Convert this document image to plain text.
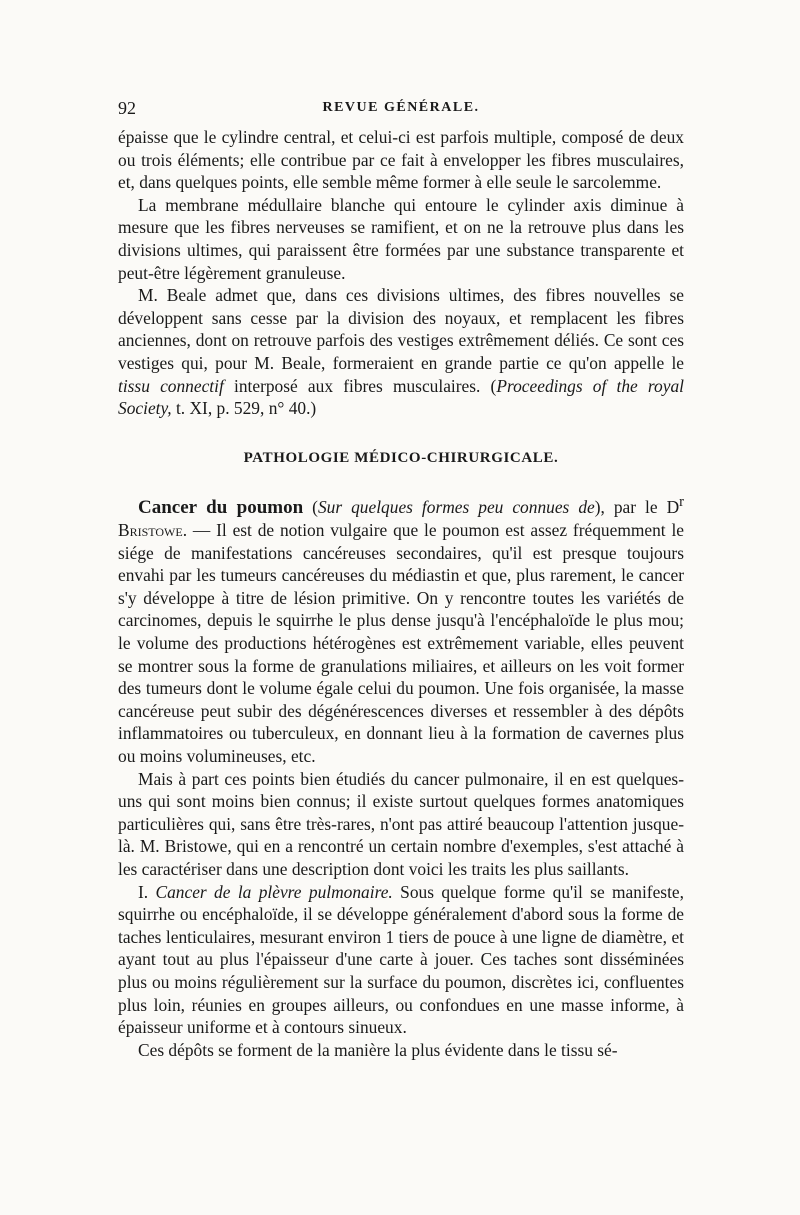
92	REVUE GÉNÉRALE.

épaisse que le cylindre central, et celui-ci est parfois multiple, composé de deux ou trois éléments; elle contribue par ce fait à envelopper les fibres musculaires, et, dans quelques points, elle semble même former à elle seule le sarcolemme.

La membrane médullaire blanche qui entoure le cylinder axis diminue à mesure que les fibres nerveuses se ramifient, et on ne la retrouve plus dans les divisions ultimes, qui paraissent être formées par une substance transparente et peut-être légèrement granuleuse.

M. Beale admet que, dans ces divisions ultimes, des fibres nouvelles se développent sans cesse par la division des noyaux, et remplacent les fibres anciennes, dont on retrouve parfois des vestiges extrêmement déliés. Ce sont ces vestiges qui, pour M. Beale, formeraient en grande partie ce qu'on appelle le tissu connectif interposé aux fibres musculaires. (Proceedings of the royal Society, t. XI, p. 529, n° 40.)

PATHOLOGIE MÉDICO-CHIRURGICALE.

Cancer du poumon (Sur quelques formes peu connues de), par le $D^r$ Bristowe. — Il est de notion vulgaire que le poumon est assez fréquemment le siége de manifestations cancéreuses secondaires, qu'il est presque toujours envahi par les tumeurs cancéreuses du médiastin et que, plus rarement, le cancer s'y développe à titre de lésion primitive. On y rencontre toutes les variétés de carcinomes, depuis le squirrhe le plus dense jusqu'à l'encéphaloïde le plus mou; le volume des productions hétérogènes est extrêmement variable, elles peuvent se montrer sous la forme de granulations miliaires, et ailleurs on les voit former des tumeurs dont le volume égale celui du poumon. Une fois organisée, la masse cancéreuse peut subir des dégénérescences diverses et ressembler à des dépôts inflammatoires ou tuberculeux, en donnant lieu à la formation de cavernes plus ou moins volumineuses, etc.

Mais à part ces points bien étudiés du cancer pulmonaire, il en est quelques-uns qui sont moins bien connus; il existe surtout quelques formes anatomiques particulières qui, sans être très-rares, n'ont pas attiré beaucoup l'attention jusque-là. M. Bristowe, qui en a rencontré un certain nombre d'exemples, s'est attaché à les caractériser dans une description dont voici les traits les plus saillants.

I. Cancer de la plèvre pulmonaire. Sous quelque forme qu'il se manifeste, squirrhe ou encéphaloïde, il se développe généralement d'abord sous la forme de taches lenticulaires, mesurant environ 1 tiers de pouce à une ligne de diamètre, et ayant tout au plus l'épaisseur d'une carte à jouer. Ces taches sont disséminées plus ou moins régulièrement sur la surface du poumon, discrètes ici, confluentes plus loin, réunies en groupes ailleurs, ou confondues en une masse informe, à épaisseur uniforme et à contours sinueux.

Ces dépôts se forment de la manière la plus évidente dans le tissu sé-
